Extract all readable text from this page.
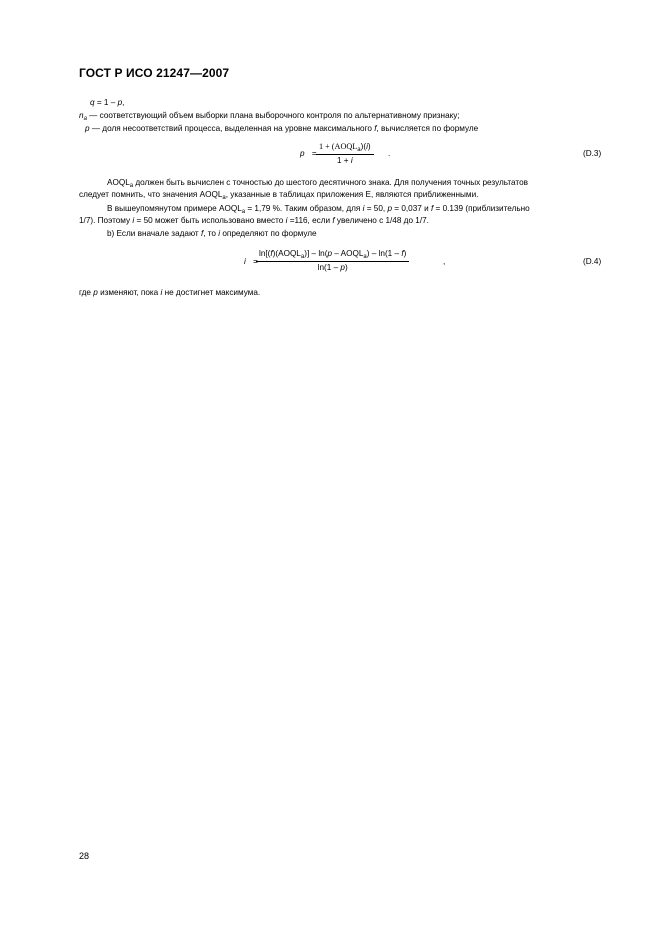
ГОСТ Р ИСО 21247—2007
q = 1 – p,
$n_a$ — соответствующий объем выборки плана выборочного контроля по альтернативному признаку;
p — доля несоответствий процесса, выделенная на уровне максимального f, вычисляется по формуле
p =
$1 + (AOQL_a)(i)$
1 + i
.	(D.3)
$AOQL_a$ должен быть вычислен с точностью до шестого десятичного знака. Для получения точных результатов
следует помнить, что значения $AOQL_a$, указанные в таблицах приложения Е, являются приближенными.
В вышеупомянутом примере $AOQL_a = 1,79$ %. Таким образом, для i = 50, p = 0,037 и f = 0.139 (приблизительно
1/7). Поэтому i = 50 может быть использовано вместо i =116, если f увеличено с 1/48 до 1/7.
b) Если вначале задают f, то i определяют по формуле
i =
$\ln[(f)(AOQL_a)] - \ln(p$ – $AOQL_a) - \ln(1 - f)$
ln(1 – p)
,	(D.4)
где p изменяют, пока i не достигнет максимума.
28
